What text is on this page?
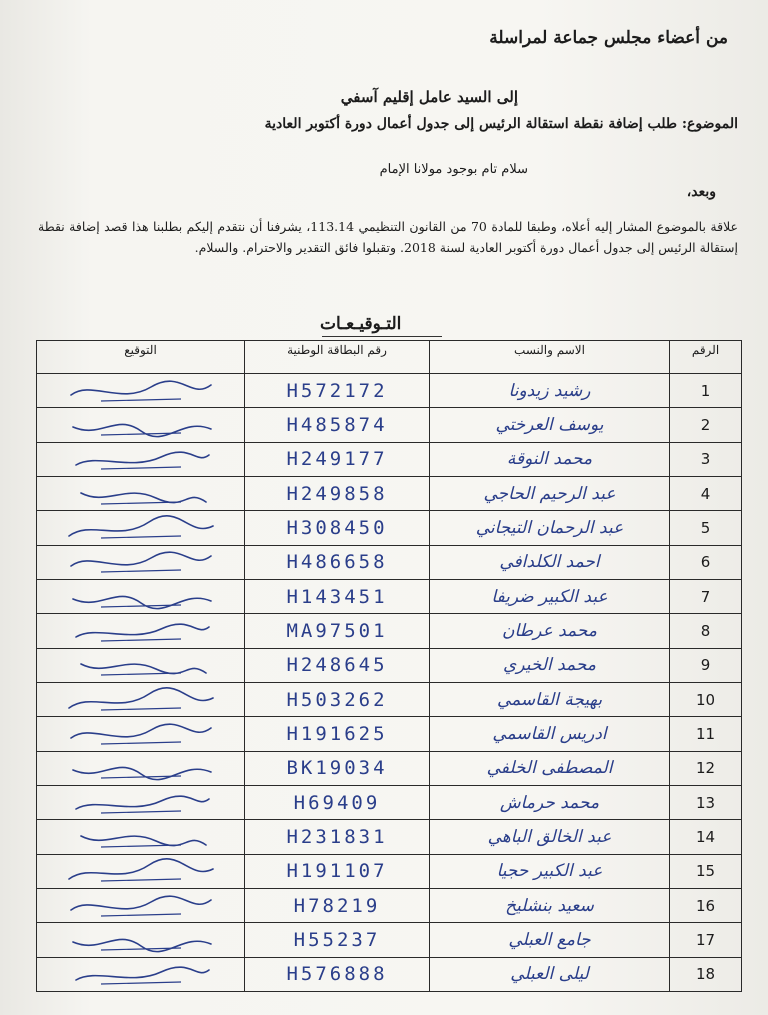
من أعضاء مجلس جماعة لمراسلة
إلى السيد عامل إقليم آسفي
الموضوع: طلب إضافة نقطة استقالة الرئيس إلى جدول أعمال دورة أكتوبر العادية
سلام تام بوجود مولانا الإمام
وبعد،
علاقة بالموضوع المشار إليه أعلاه، وطبقا للمادة 70 من القانون التنظيمي 113.14، يشرفنا أن نتقدم إليكم بطلبنا هذا قصد إضافة نقطة إستقالة الرئيس إلى جدول أعمال دورة أكتوبر العادية لسنة 2018. وتقبلوا فائق التقدير والاحترام. والسلام.
التـوقيـعـات
الرقم	الاسم والنسب	رقم البطاقة الوطنية	التوقيع
1	رشيد زيدونا	H572172	

2	يوسف العرختي	H485874	

3	محمد النوقة	H249177	

4	عبد الرحيم الحاجي	H249858	

5	عبد الرحمان التيجاني	H308450	

6	احمد الكلدافي	H486658	

7	عبد الكبير ضريفا	H143451	

8	محمد عرطان	MA97501	

9	محمد الخيري	H248645	

10	بهيجة القاسمي	H503262	

11	ادريس القاسمي	H191625	

12	المصطفى الخلفي	BK19034	

13	محمد حرماش	H69409	

14	عبد الخالق الباهي	H231831	

15	عبد الكبير حجيا	H191107	

16	سعيد بنشليخ	H78219	

17	جامع العبلي	H55237	

18	ليلى العبلي	H576888	
